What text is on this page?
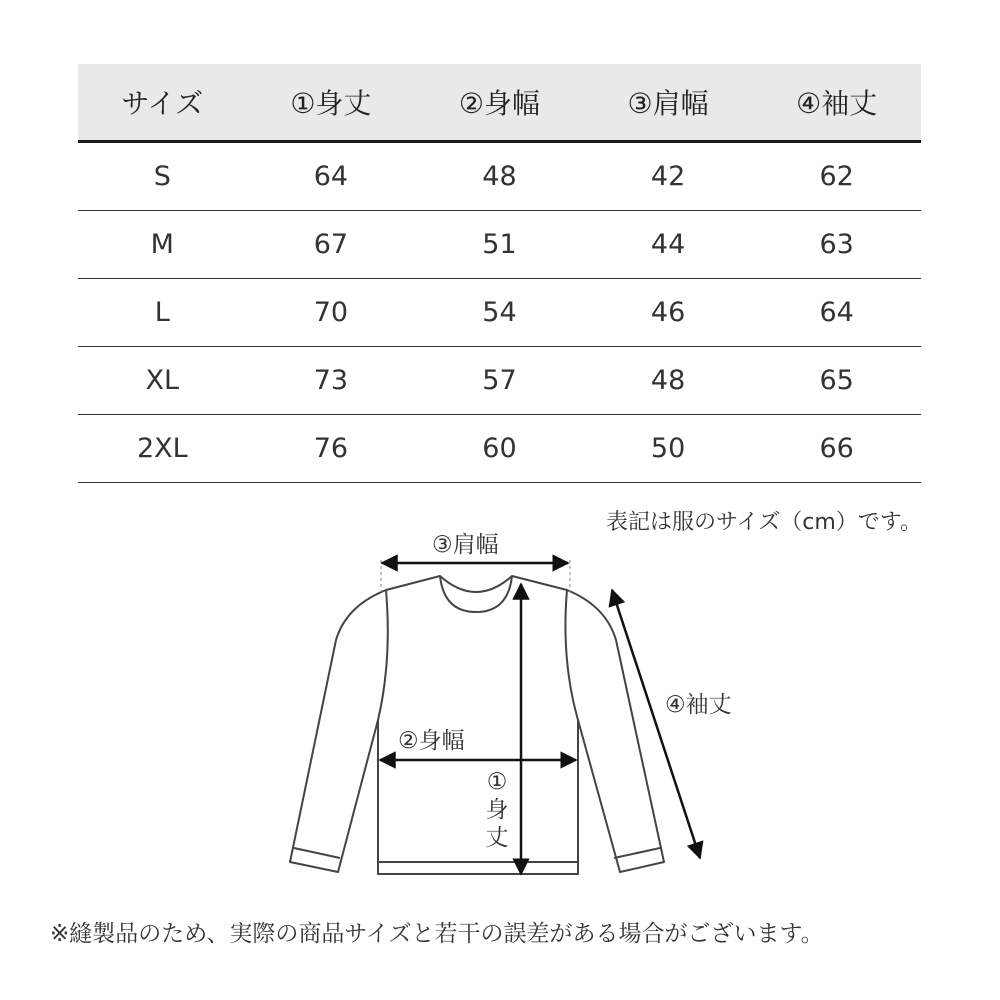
サイズ	①身丈	②身幅	③肩幅	④袖丈
S	64	48	42	62
M	67	51	44	63
L	70	54	46	64
XL	73	57	48	65
2XL	76	60	50	66
表記は服のサイズ（cm）です。
③肩幅
②身幅
④袖丈
①
身
丈
※縫製品のため、実際の商品サイズと若干の誤差がある場合がございます。
